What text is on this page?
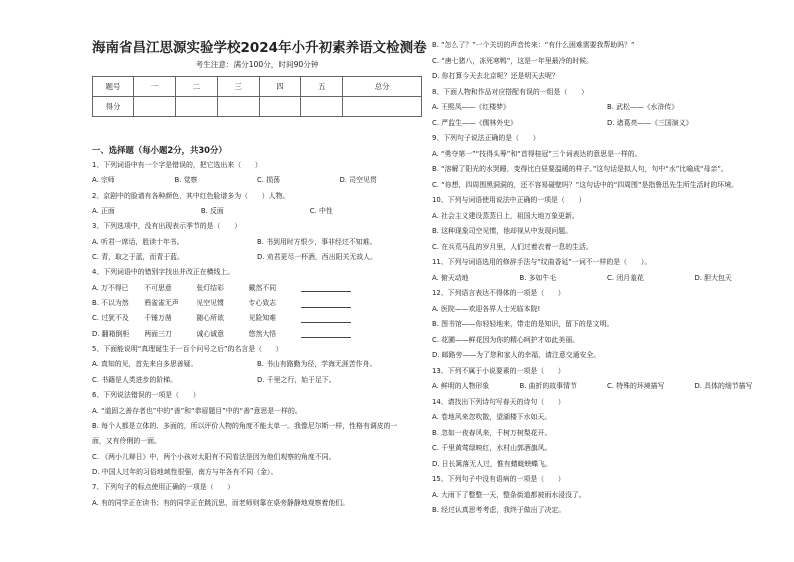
海南省昌江思源实验学校2024年小升初素养语文检测卷
考生注意：满分100分，时间90分钟
题号	一	二	三	四	五	总分
得分						
一、选择题（每小题2分，共30分）
1、下列词语中有一个字是错误的，把它选出来（　　）
A. 宗师	B. 觉察	C. 损荡	D. 司空见贯
2、京剧中的脸谱有各种颜色，其中红色脸谱多为（　　）人物。
A. 正面	B. 反面	C. 中性
3、下列选项中，没有出现表示季节的是（　　）
A. 听君一席话，胜读十年书。	B. 书到用时方恨少，事非经过不知难。
C. 青，取之于蓝，而青于蓝。	D. 劝君更尽一杯酒，西出阳关无故人。
4、下列词语中的错别字找出并改正在横线上。
A. 万不得已 不可思意	张灯结彩	戴然不同
B. 不以为然 鸦雀雀无声	见空见惯	专心致志
C. 过犹不及 千锤万凿	随心所欲	见险知难
D. 翻箱倒柜 两面三刀	诚心诚意	悠然大悟
5、下面能说明“真理诞生于一百个问号之后”的名言是（　　）
A. 真知的见，首先来自多思善疑。	B. 书山有路勤为径，学海无涯苦作舟。
C. 书籍是人类进步的阶梯。	D. 千里之行，始于足下。
6、下列说法错误的一项是（　　）
A. “道固之善存者也”中的“善”和“恭眉题目”中的“善”意思是一样的。
B. 每个人都是立体的、多面的，所以评价人物的角度不能太单一。我像尼尔斯一样，性格有调皮的一
面，又有伶俐的一面。
C. 《两小儿辩日》中，两个小孩对太阳有不同看法是因为他们观察的角度不同。
D. 中国人过年的习俗地域性很强，南方与年各有不同（金）。
7、下列句子的标点使用正确的一项是（　　）
A. 有的同学正在读书；有的同学正在跳沉思，而老师则靠在桌旁静静地观察着他们。
B. “怎么了？”一个关切的声音传来：“有什么困难需要我帮助吗？”
C. “唐七猪八，冻死寒鸭”，这是一年里最冷的时候。
D. 你打算今天去北京呢？还是明天去呢？
8、下面人物和作品对应搭配有误的一组是（　　）
A. 王熙凤——《红楼梦》	B. 武松——《水浒传》
C. 严监生——《儒林外史》	D. 诸葛亮——《三国演义》
9、下列句子说法正确的是（　　）
A. “勇夺第一”“技得头筹”和“首得桂冠”三个词表达的意思是一样的。
B. “溶解了阳光的水哭睡，变得比白昼要温暖的样子。”这句话是拟人句，句中“水”比喻成“母亲”。
C. “你想，四周围黑洞洞的，还不容易碰壁吗？”这句话中的“四周围”是指鲁迅先生所生活时的环境。
10、下列与词语使用说法中正确的一项是（　　）
A. 社会主义建设蒸蒸日上，祖国大地万象更新。
B. 这种现象司空见惯，他却视从中发现问题。
C. 在兵荒马乱的岁月里，人们过着衣着一息的生活。
11、下列与词语选用的修辞手法与“纹曲香延”一词不一样的是（　　）。
A. 俯天动地	B. 多如牛毛	C. 闭月羞花	D. 胆大包天
12、下列语言表达不得体的一项是（　　）
A. 医院——欢迎各界人士光临本院!
B. 图书馆——你轻轻地来，带走的是知识，留下的是文明。
C. 花圃——鲜花因为你的精心呵护才如此美丽。
D. 邮路旁——为了您和家人的幸福，请注意交通安全。
13、下列不属于小说要素的一项是（　　）
A. 鲜明的人物形象	B. 曲折的故事情节	C. 特殊的环境描写	D. 具体的细节描写
14、请找出下列诗句写春天的诗句（　　）
A. 卷地风来忽吹散，望湖楼下水如天。
B. 忽如一夜春风来，千树万树梨花开。
C. 千里黄莺绿映红，水村山郭酒旗风。
D. 日长篱落无人过，惟有蜻蜓蛱蝶飞。
15、下列句子中没有语病的一项是（　　）
A. 大雨下了整整一天，整条街道都被雨水浸没了。
B. 经过认真思考考虑，我终于做出了决定。
